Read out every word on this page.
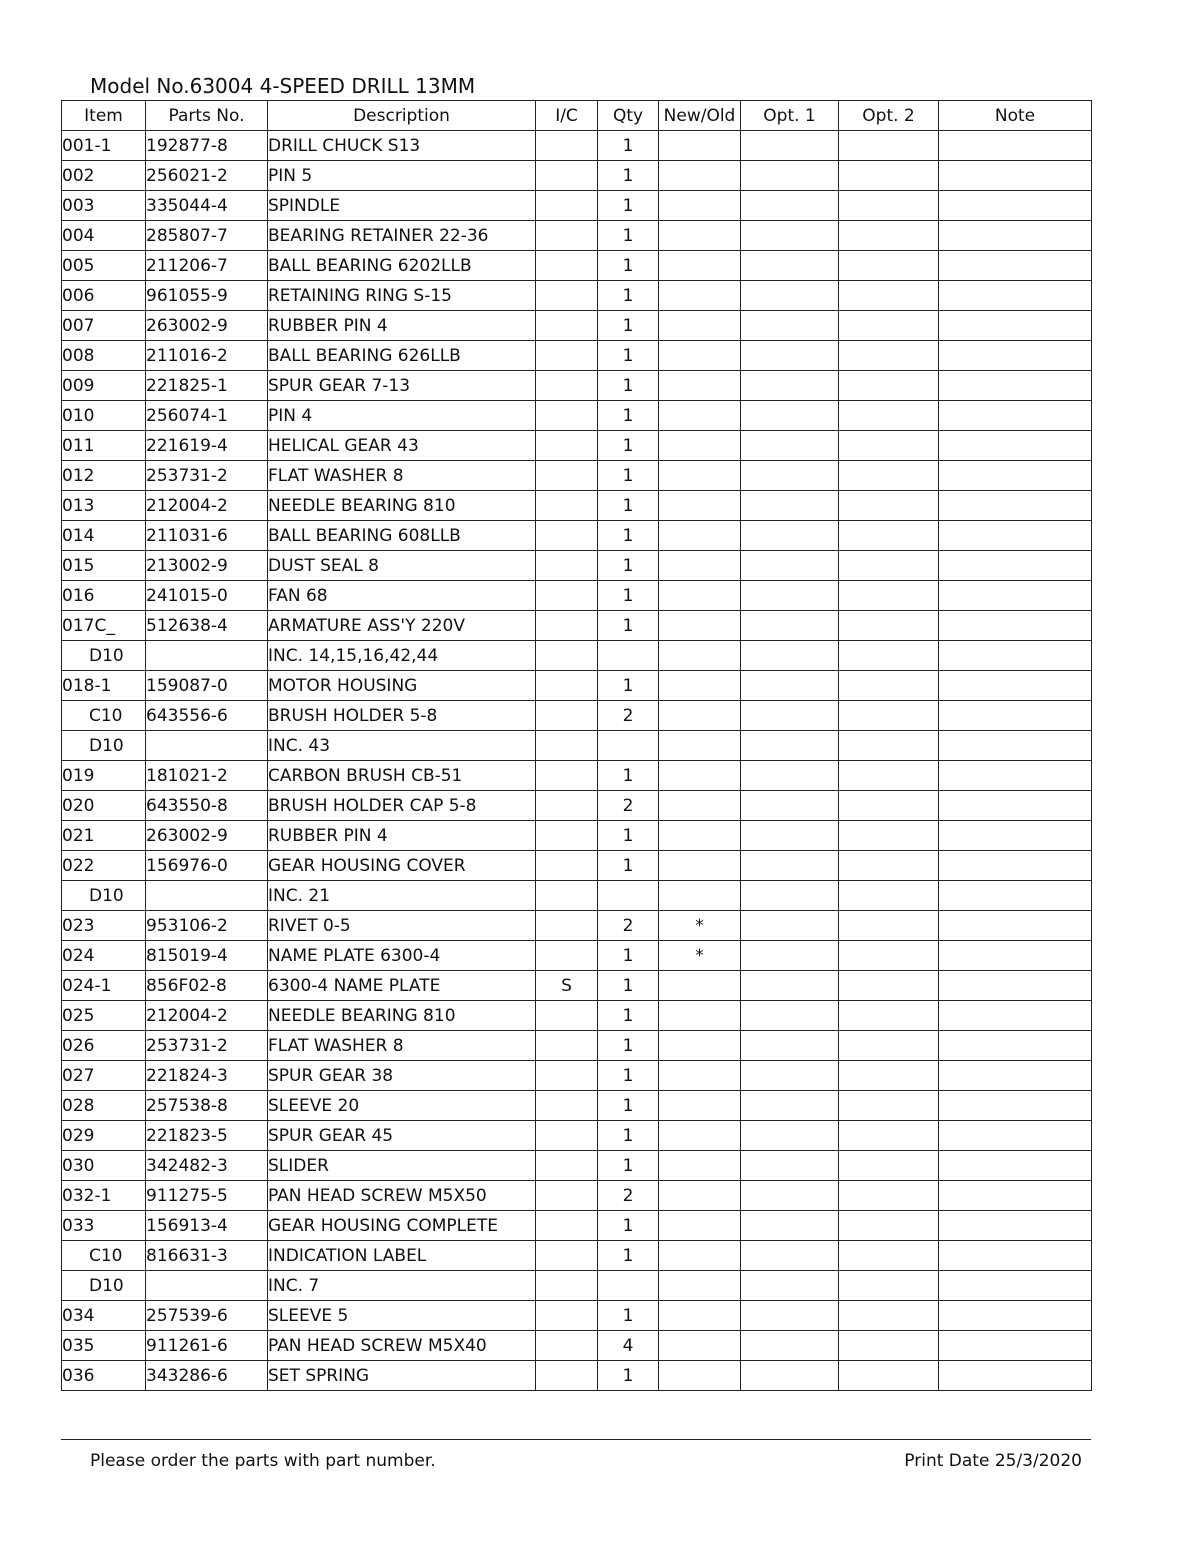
Model No.63004 4-SPEED DRILL 13MM
Item	Parts No.	Description	I/C	Qty	New/Old	Opt. 1	Opt. 2	Note
001-1	192877-8	DRILL CHUCK S13		1				
002	256021-2	PIN 5		1				
003	335044-4	SPINDLE		1				
004	285807-7	BEARING RETAINER 22-36		1				
005	211206-7	BALL BEARING 6202LLB		1				
006	961055-9	RETAINING RING S-15		1				
007	263002-9	RUBBER PIN 4		1				
008	211016-2	BALL BEARING 626LLB		1				
009	221825-1	SPUR GEAR 7-13		1				
010	256074-1	PIN 4		1				
011	221619-4	HELICAL GEAR 43		1				
012	253731-2	FLAT WASHER 8		1				
013	212004-2	NEEDLE BEARING 810		1				
014	211031-6	BALL BEARING 608LLB		1				
015	213002-9	DUST SEAL 8		1				
016	241015-0	FAN 68		1				
017C_	512638-4	ARMATURE ASS'Y 220V		1				
D10		INC. 14,15,16,42,44						
018-1	159087-0	MOTOR HOUSING		1				
C10	643556-6	BRUSH HOLDER 5-8		2				
D10		INC. 43						
019	181021-2	CARBON BRUSH CB-51		1				
020	643550-8	BRUSH HOLDER CAP 5-8		2				
021	263002-9	RUBBER PIN 4		1				
022	156976-0	GEAR HOUSING COVER		1				
D10		INC. 21						
023	953106-2	RIVET 0-5		2	*			
024	815019-4	NAME PLATE 6300-4		1	*			
024-1	856F02-8	6300-4 NAME PLATE	S	1				
025	212004-2	NEEDLE BEARING 810		1				
026	253731-2	FLAT WASHER 8		1				
027	221824-3	SPUR GEAR 38		1				
028	257538-8	SLEEVE 20		1				
029	221823-5	SPUR GEAR 45		1				
030	342482-3	SLIDER		1				
032-1	911275-5	PAN HEAD SCREW M5X50		2				
033	156913-4	GEAR HOUSING COMPLETE		1				
C10	816631-3	INDICATION LABEL		1				
D10		INC. 7						
034	257539-6	SLEEVE 5		1				
035	911261-6	PAN HEAD SCREW M5X40		4				
036	343286-6	SET SPRING		1				
Please order the parts with part number.	Print Date 25/3/2020
